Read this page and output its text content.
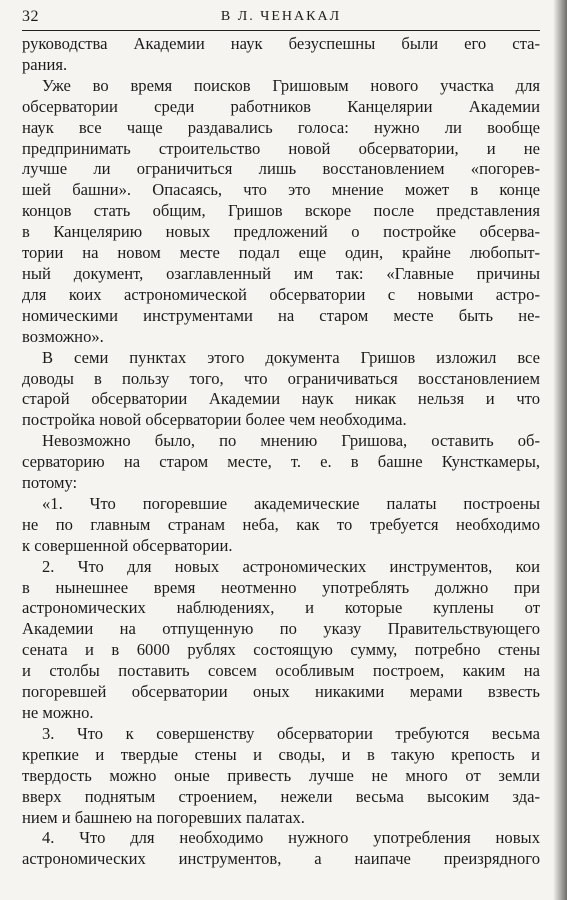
32	В Л. ЧЕНАКАЛ
руководства Академии наук безуспешны были его ста-
рания.
Уже во время поисков Гришовым нового участка для
обсерватории среди работников Канцелярии Академии
наук все чаще раздавались голоса: нужно ли вообще
предпринимать строительство новой обсерватории, и не
лучше ли ограничиться лишь восстановлением «погорев-
шей башни». Опасаясь, что это мнение может в конце
концов стать общим, Гришов вскоре после представления
в Канцелярию новых предложений о постройке обсерва-
тории на новом месте подал еще один, крайне любопыт-
ный документ, озаглавленный им так: «Главные причины
для коих астрономической обсерватории с новыми астро-
номическими инструментами на старом месте быть не-
возможно».
В семи пунктах этого документа Гришов изложил все
доводы в пользу того, что ограничиваться восстановлением
старой обсерватории Академии наук никак нельзя и что
постройка новой обсерватории более чем необходима.
Невозможно было, по мнению Гришова, оставить об-
серваторию на старом месте, т. е. в башне Кунсткамеры,
потому:
«1. Что погоревшие академические палаты построены
не по главным странам неба, как то требуется необходимо
к совершенной обсерватории.
2. Что для новых астрономических инструментов, кои
в нынешнее время неотменно употреблять должно при
астрономических наблюдениях, и которые куплены от
Академии на отпущенную по указу Правительствующего
сената и в 6000 рублях состоящую сумму, потребно стены
и столбы поставить совсем особливым построем, каким на
погоревшей обсерватории оных никакими мерами взвесть
не можно.
3. Что к совершенству обсерватории требуются весьма
крепкие и твердые стены и своды, и в такую крепость и
твердость можно оные привесть лучше не много от земли
вверх поднятым строением, нежели весьма высоким зда-
нием и башнею на погоревших палатах.
4. Что для необходимо нужного употребления новых
астрономических инструментов, а наипаче преизрядного
